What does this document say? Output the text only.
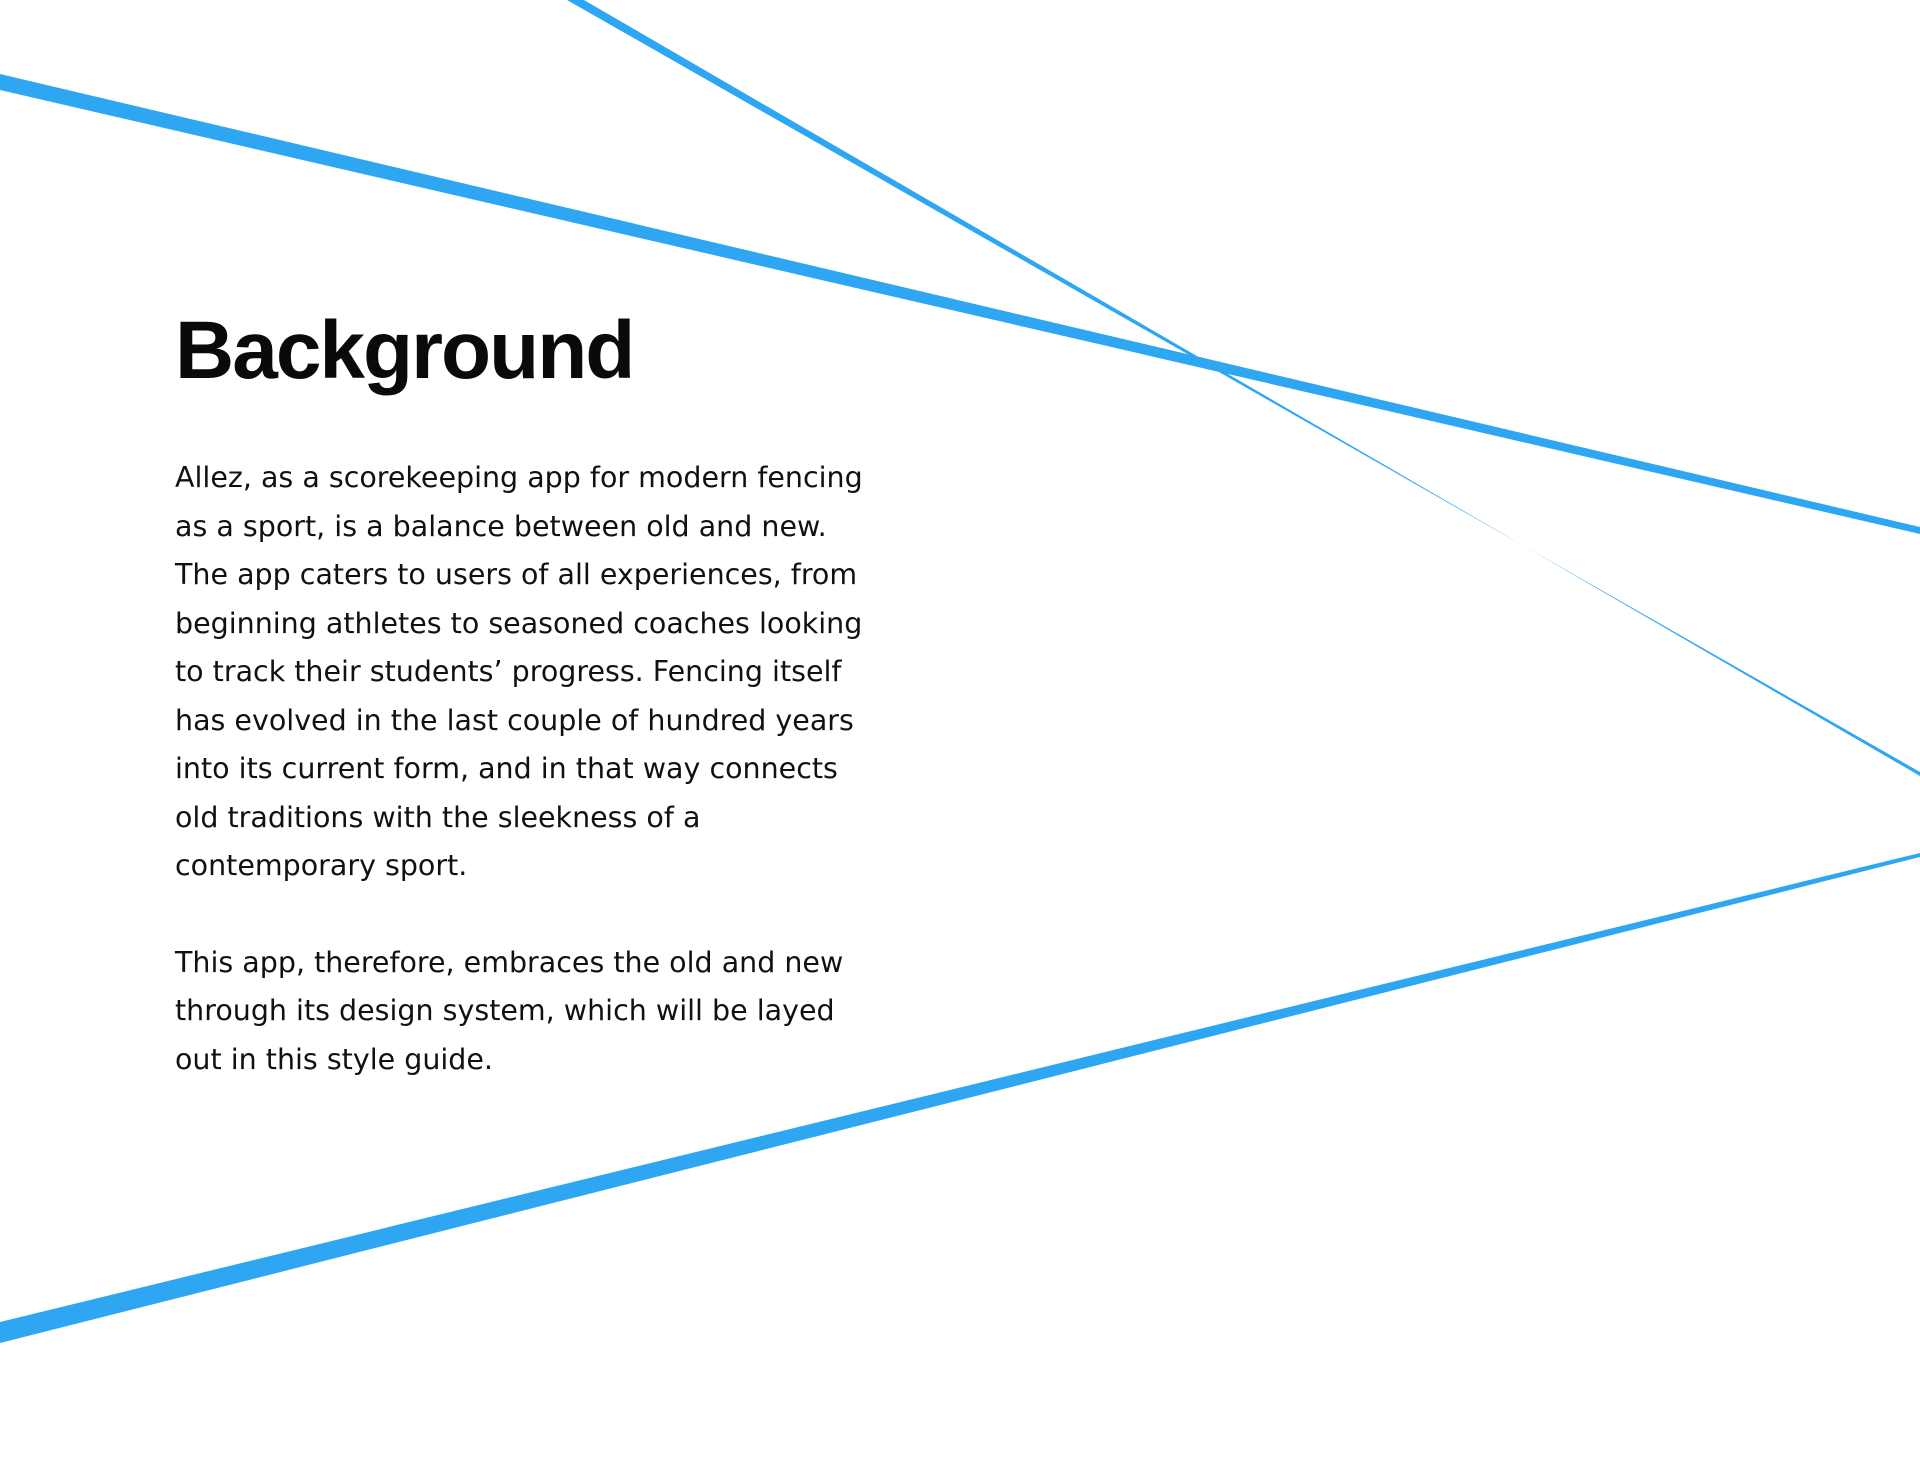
Background

Allez, as a scorekeeping app for modern fencing
as a sport, is a balance between old and new.
The app caters to users of all experiences, from
beginning athletes to seasoned coaches looking
to track their students’ progress. Fencing itself
has evolved in the last couple of hundred years
into its current form, and in that way connects
old traditions with the sleekness of a
contemporary sport.

This app, therefore, embraces the old and new
through its design system, which will be layed
out in this style guide.
